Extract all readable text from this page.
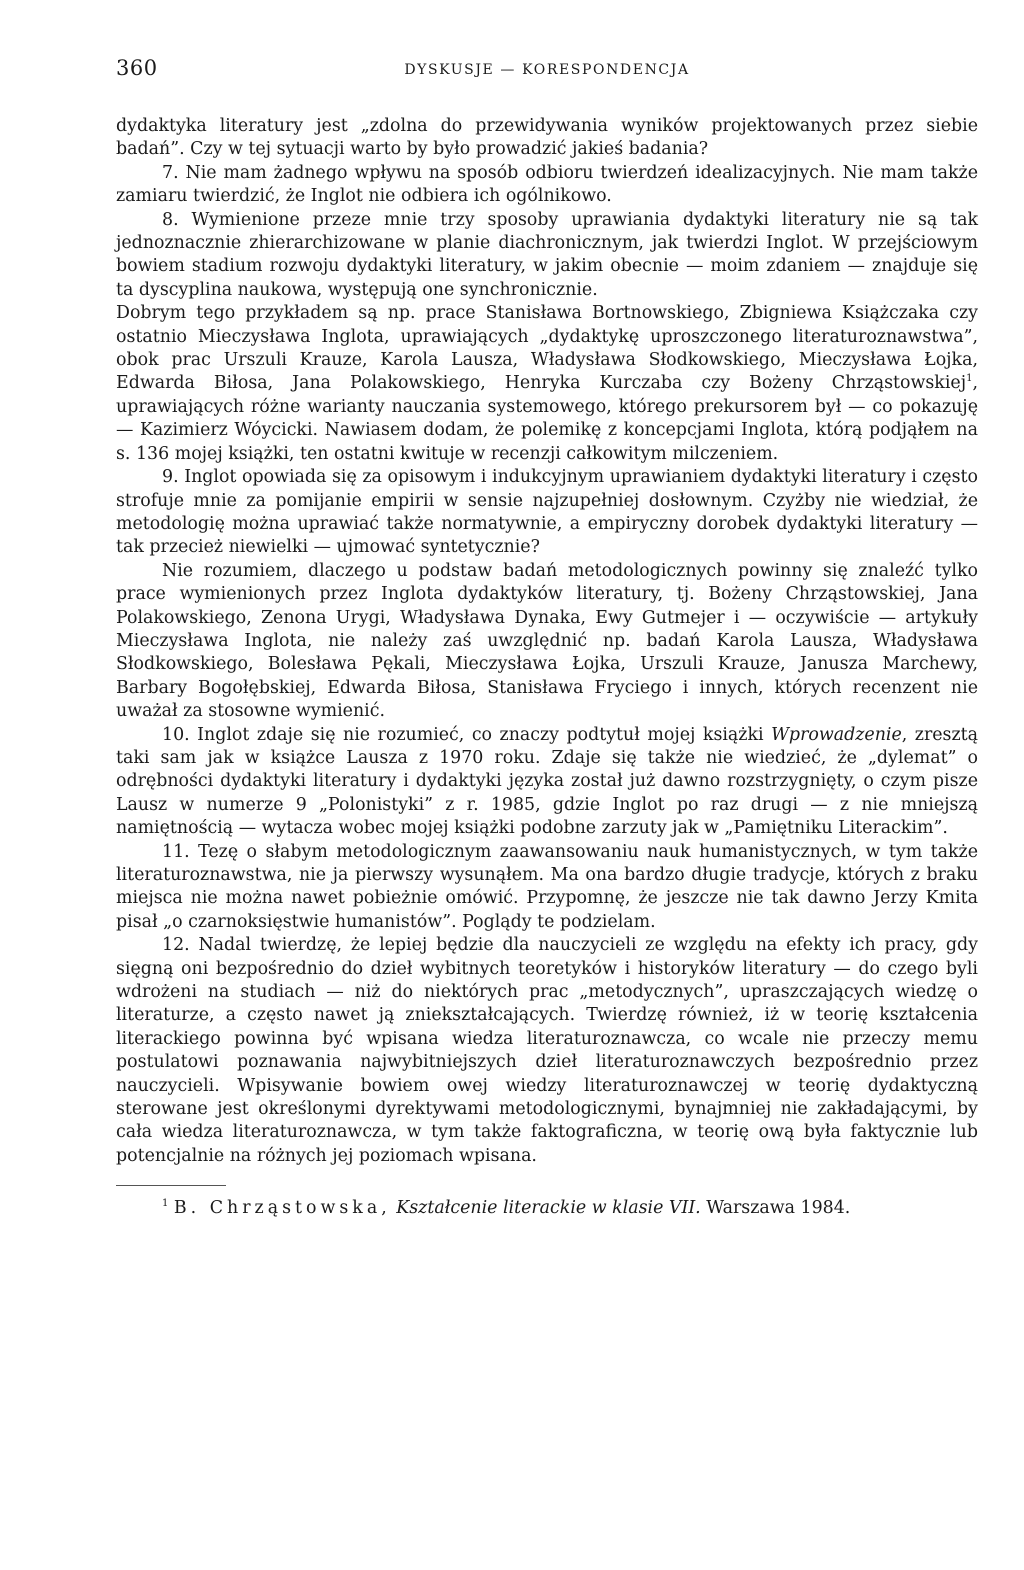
360	DYSKUSJE — KORESPONDENCJA

dydaktyka literatury jest „zdolna do przewidywania wyników projektowanych przez siebie badań”. Czy w tej sytuacji warto by było prowadzić jakieś badania?

7. Nie mam żadnego wpływu na sposób odbioru twierdzeń idealizacyjnych. Nie mam także zamiaru twierdzić, że Inglot nie odbiera ich ogólnikowo.

8. Wymienione przeze mnie trzy sposoby uprawiania dydaktyki literatury nie są tak jednoznacznie zhierarchizowane w planie diachronicznym, jak twierdzi Inglot. W przejściowym bowiem stadium rozwoju dydaktyki literatury, w jakim obecnie — moim zdaniem — znajduje się ta dyscyplina naukowa, występują one synchronicznie.

Dobrym tego przykładem są np. prace Stanisława Bortnowskiego, Zbigniewa Książczaka czy ostatnio Mieczysława Inglota, uprawiających „dydaktykę uproszczonego literaturoznawstwa”, obok prac Urszuli Krauze, Karola Lausza, Władysława Słodkowskiego, Mieczysława Łojka, Edwarda Biłosa, Jana Polakowskiego, Henryka Kurczaba czy Bożeny Chrząstowskiej$^1$, uprawiających różne warianty nauczania systemowego, którego prekursorem był — co pokazuję — Kazimierz Wóycicki. Nawiasem dodam, że polemikę z koncepcjami Inglota, którą podjąłem na s. 136 mojej książki, ten ostatni kwituje w recenzji całkowitym milczeniem.

9. Inglot opowiada się za opisowym i indukcyjnym uprawianiem dydaktyki literatury i często strofuje mnie za pomijanie empirii w sensie najzupełniej dosłownym. Czyżby nie wiedział, że metodologię można uprawiać także normatywnie, a empiryczny dorobek dydaktyki literatury — tak przecież niewielki — ujmować syntetycznie?

Nie rozumiem, dlaczego u podstaw badań metodologicznych powinny się znaleźć tylko prace wymienionych przez Inglota dydaktyków literatury, tj. Bożeny Chrząstowskiej, Jana Polakowskiego, Zenona Urygi, Władysława Dynaka, Ewy Gutmejer i — oczywiście — artykuły Mieczysława Inglota, nie należy zaś uwzględnić np. badań Karola Lausza, Władysława Słodkowskiego, Bolesława Pękali, Mieczysława Łojka, Urszuli Krauze, Janusza Marchewy, Barbary Bogołębskiej, Edwarda Biłosa, Stanisława Fryciego i innych, których recenzent nie uważał za stosowne wymienić.

10. Inglot zdaje się nie rozumieć, co znaczy podtytuł mojej książki Wprowadzenie, zresztą taki sam jak w książce Lausza z 1970 roku. Zdaje się także nie wiedzieć, że „dylemat” o odrębności dydaktyki literatury i dydaktyki języka został już dawno rozstrzygnięty, o czym pisze Lausz w numerze 9 „Polonistyki” z r. 1985, gdzie Inglot po raz drugi — z nie mniejszą namiętnością — wytacza wobec mojej książki podobne zarzuty jak w „Pamiętniku Literackim”.

11. Tezę o słabym metodologicznym zaawansowaniu nauk humanistycznych, w tym także literaturoznawstwa, nie ja pierwszy wysunąłem. Ma ona bardzo długie tradycje, których z braku miejsca nie można nawet pobieżnie omówić. Przypomnę, że jeszcze nie tak dawno Jerzy Kmita pisał „o czarnoksięstwie humanistów”. Poglądy te podzielam.

12. Nadal twierdzę, że lepiej będzie dla nauczycieli ze względu na efekty ich pracy, gdy sięgną oni bezpośrednio do dzieł wybitnych teoretyków i historyków literatury — do czego byli wdrożeni na studiach — niż do niektórych prac „metodycznych”, upraszczających wiedzę o literaturze, a często nawet ją zniekształcających. Twierdzę również, iż w teorię kształcenia literackiego powinna być wpisana wiedza literaturoznawcza, co wcale nie przeczy memu postulatowi poznawania najwybitniejszych dzieł literaturoznawczych bezpośrednio przez nauczycieli. Wpisywanie bowiem owej wiedzy literaturoznawczej w teorię dydaktyczną sterowane jest określonymi dyrektywami metodologicznymi, bynajmniej nie zakładającymi, by cała wiedza literaturoznawcza, w tym także faktograficzna, w teorię ową była faktycznie lub potencjalnie na różnych jej poziomach wpisana.

$^1$ B. Chrząstowska, Kształcenie literackie w klasie VII. Warszawa 1984.
